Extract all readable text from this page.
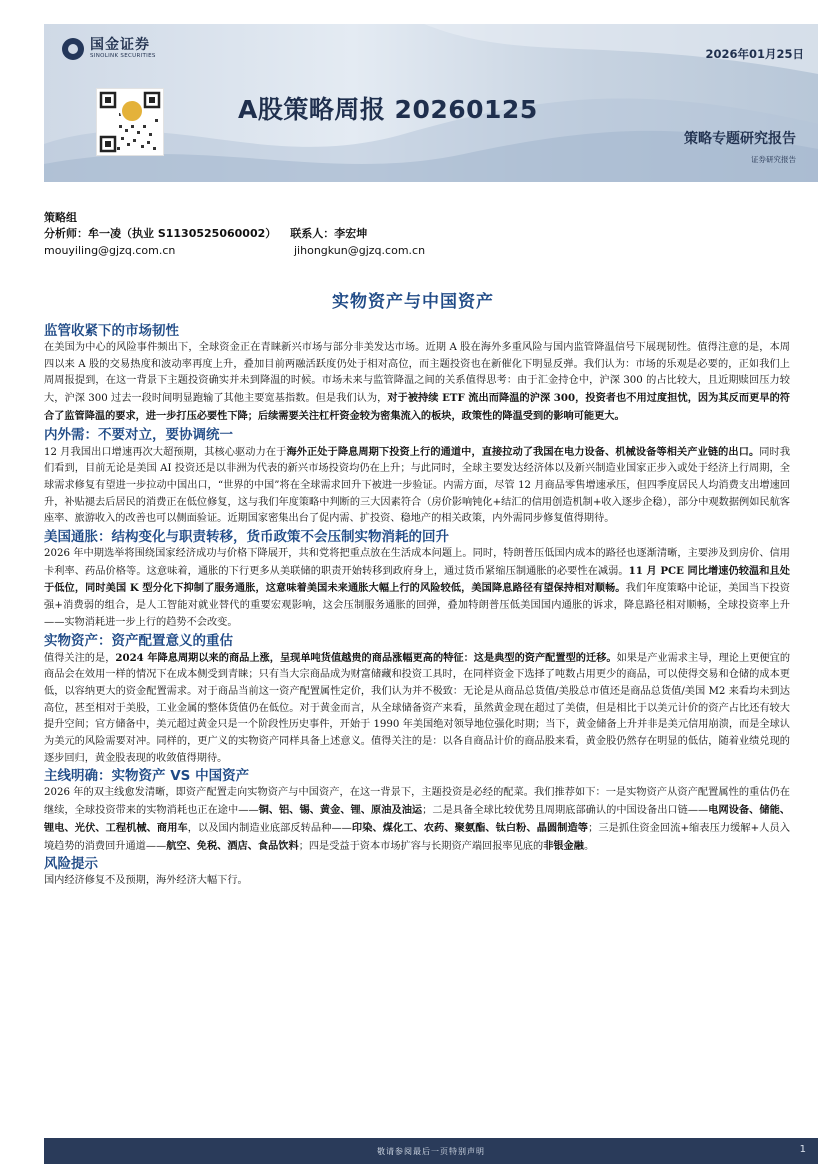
国金证券
SINOLINK SECURITIES	2026年01月25日
A股策略周报 20260125
策略专题研究报告
证券研究报告
策略组
分析师：牟一凌（执业 S1130525060002） 联系人：李宏坤
mouyiling@gjzq.com.cn	jihongkun@gjzq.com.cn
实物资产与中国资产
监管收紧下的市场韧性

在美国为中心的风险事件频出下，全球资金正在青睐新兴市场与部分非美发达市场。近期 A 股在海外多重风险与国内监管降温信号下展现韧性。值得注意的是，本周四以来 A 股的交易热度和波动率再度上升，叠加目前两融活跃度仍处于相对高位，而主题投资也在新催化下明显反弹。我们认为：市场的乐观是必要的，正如我们上周周报提到，在这一背景下主题投资确实并未到降温的时候。市场未来与监管降温之间的关系值得思考：由于汇金持仓中，沪深 300 的占比较大，且近期赎回压力较大，沪深 300 过去一段时间明显跑输了其他主要宽基指数。但是我们认为，对于被持续 ETF 流出而降温的沪深 300，投资者也不用过度担忧，因为其反而更早的符合了监管降温的要求，进一步打压必要性下降；后续需要关注杠杆资金较为密集流入的板块，政策性的降温受到的影响可能更大。

内外需：不要对立，要协调统一

12 月我国出口增速再次大超预期，其核心驱动力在于海外正处于降息周期下投资上行的通道中，直接拉动了我国在电力设备、机械设备等相关产业链的出口。同时我们看到，目前无论是美国 AI 投资还是以非洲为代表的新兴市场投资均仍在上升；与此同时，全球主要发达经济体以及新兴制造业国家正步入或处于经济上行周期，全球需求修复有望进一步拉动中国出口，“世界的中国”将在全球需求回升下被进一步验证。内需方面，尽管 12 月商品零售增速承压，但四季度居民人均消费支出增速回升，补贴褪去后居民的消费正在低位修复，这与我们年度策略中判断的三大因素符合（房价影响钝化+结汇的信用创造机制+收入逐步企稳），部分中观数据例如民航客座率、旅游收入的改善也可以侧面验证。近期国家密集出台了促内需、扩投资、稳地产的相关政策，内外需同步修复值得期待。

美国通胀：结构变化与职责转移，货币政策不会压制实物消耗的回升

2026 年中期选举将围绕国家经济成功与价格下降展开，共和党将把重点放在生活成本问题上。同时，特朗普压低国内成本的路径也逐渐清晰，主要涉及到房价、信用卡利率、药品价格等。这意味着，通胀的下行更多从美联储的职责开始转移到政府身上，通过货币紧缩压制通胀的必要性在减弱。11 月 PCE 同比增速仍较温和且处于低位，同时美国 K 型分化下抑制了服务通胀，这意味着美国未来通胀大幅上行的风险较低，美国降息路径有望保持相对顺畅。我们年度策略中论证，美国当下投资强+消费弱的组合，是人工智能对就业替代的重要宏观影响，这会压制服务通胀的回弹，叠加特朗普压低美国国内通胀的诉求，降息路径相对顺畅，全球投资率上升——实物消耗进一步上行的趋势不会改变。

实物资产：资产配置意义的重估

值得关注的是，2024 年降息周期以来的商品上涨，呈现单吨货值越贵的商品涨幅更高的特征：这是典型的资产配置型的迁移。如果是产业需求主导，理论上更便宜的商品会在效用一样的情况下在成本侧受到青睐；只有当大宗商品成为财富储藏和投资工具时，在同样资金下选择了吨数占用更少的商品，可以使得交易和仓储的成本更低，以容纳更大的资金配置需求。对于商品当前这一资产配置属性定价，我们认为并不极致：无论是从商品总货值/美股总市值还是商品总货值/美国 M2 来看均未到达高位，甚至相对于美股，工业金属的整体货值仍在低位。对于黄金而言，从全球储备资产来看，虽然黄金现在超过了美债，但是相比于以美元计价的资产占比还有较大提升空间；官方储备中，美元超过黄金只是一个阶段性历史事件，开始于 1990 年美国绝对领导地位强化时期；当下，黄金储备上升并非是美元信用崩溃，而是全球认为美元的风险需要对冲。同样的，更广义的实物资产同样具备上述意义。值得关注的是：以各自商品计价的商品股来看，黄金股仍然存在明显的低估，随着业绩兑现的逐步回归，黄金股表现的收敛值得期待。

主线明确：实物资产 VS 中国资产

2026 年的双主线愈发清晰，即资产配置走向实物资产与中国资产，在这一背景下，主题投资是必经的配菜。我们推荐如下：一是实物资产从资产配置属性的重估仍在继续，全球投资带来的实物消耗也正在途中——铜、铝、锡、黄金、锂、原油及油运；二是具备全球比较优势且周期底部确认的中国设备出口链——电网设备、储能、锂电、光伏、工程机械、商用车，以及国内制造业底部反转品种——印染、煤化工、农药、聚氨酯、钛白粉、晶圆制造等；三是抓住资金回流+缩表压力缓解+人员入境趋势的消费回升通道——航空、免税、酒店、食品饮料；四是受益于资本市场扩容与长期资产端回报率见底的非银金融。

风险提示

国内经济修复不及预期，海外经济大幅下行。

敬请参阅最后一页特别声明	1
